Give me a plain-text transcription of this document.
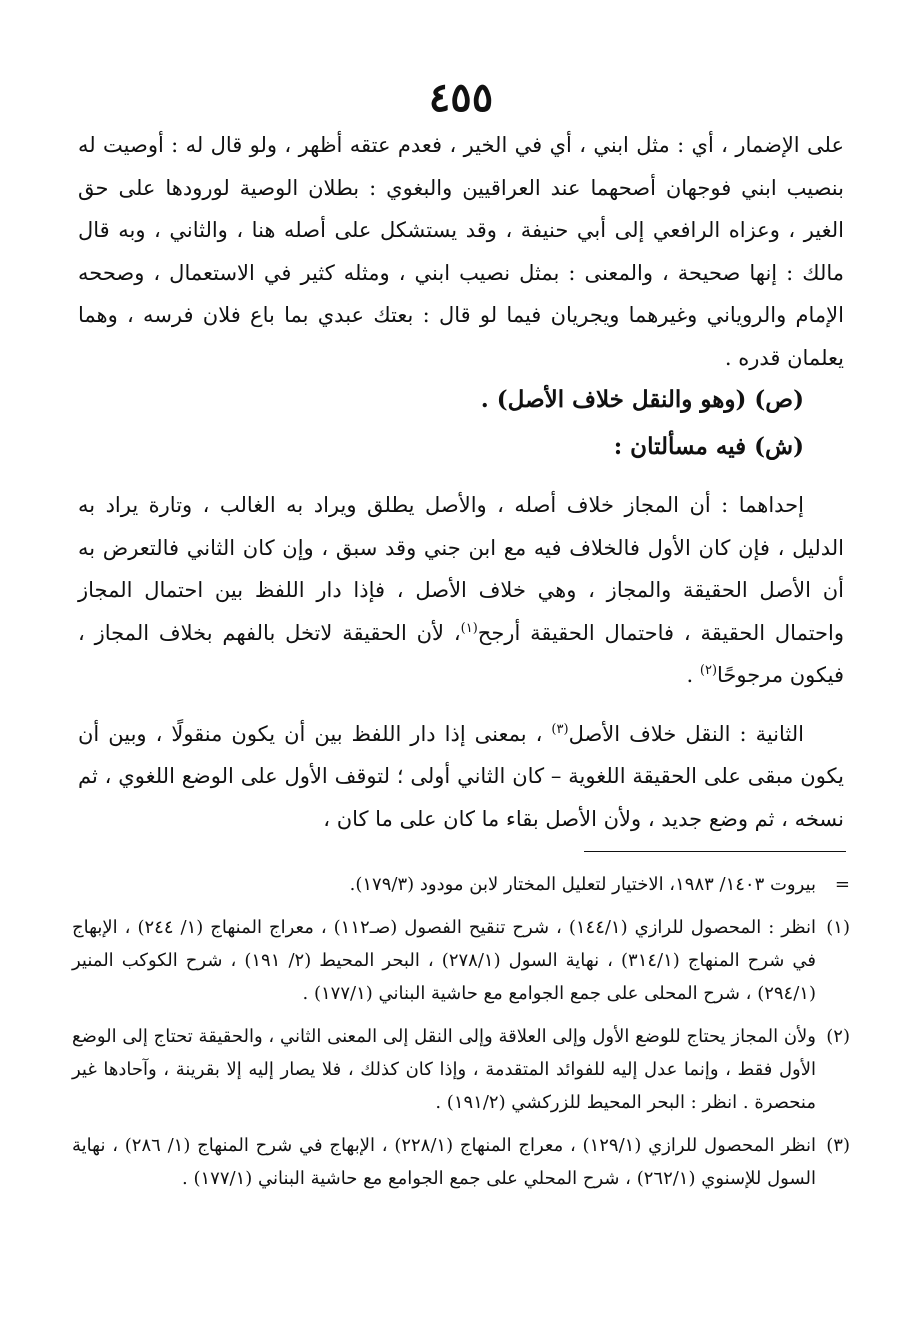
٤٥٥

على الإضمار ، أي : مثل ابني ، أي في الخير ، فعدم عتقه أظهر ، ولو قال له : أوصيت له بنصيب ابني فوجهان أصحهما عند العراقيين والبغوي : بطلان الوصية لورودها على حق الغير ، وعزاه الرافعي إلى أبي حنيفة ، وقد يستشكل على أصله هنا ، والثاني ، وبه قال مالك : إنها صحيحة ، والمعنى : بمثل نصيب ابني ، ومثله كثير في الاستعمال ، وصححه الإمام والروياني وغيرهما ويجريان فيما لو قال : بعتك عبدي بما باع فلان فرسه ، وهما يعلمان قدره .

(ص) (وهو والنقل خلاف الأصل) .

(ش) فيه مسألتان :

إحداهما : أن المجاز خلاف أصله ، والأصل يطلق ويراد به الغالب ، وتارة يراد به الدليل ، فإن كان الأول فالخلاف فيه مع ابن جني وقد سبق ، وإن كان الثاني فالتعرض به أن الأصل الحقيقة والمجاز ، وهي خلاف الأصل ، فإذا دار اللفظ بين احتمال المجاز واحتمال الحقيقة ، فاحتمال الحقيقة أرجح$^{(١)}$، لأن الحقيقة لاتخل بالفهم بخلاف المجاز ، فيكون مرجوحًا$^{(٢)}$ .

الثانية : النقل خلاف الأصل$^{(٣)}$ ، بمعنى إذا دار اللفظ بين أن يكون منقولًا ، وبين أن يكون مبقى على الحقيقة اللغوية – كان الثاني أولى ؛ لتوقف الأول على الوضع اللغوي ، ثم نسخه ، ثم وضع جديد ، ولأن الأصل بقاء ما كان على ما كان ،

=
بيروت ١٤٠٣/ ١٩٨٣، الاختيار لتعليل المختار لابن مودود (١٧٩/٣).

(١)
انظر : المحصول للرازي (١٤٤/١) ، شرح تنقيح الفصول (صـ١١٢) ، معراج المنهاج (١/ ٢٤٤) ، الإبهاج في شرح المنهاج (٣١٤/١) ، نهاية السول (٢٧٨/١) ، البحر المحيط (٢/ ١٩١) ، شرح الكوكب المنير (٢٩٤/١) ، شرح المحلى على جمع الجوامع مع حاشية البناني (١٧٧/١) .

(٢)
ولأن المجاز يحتاج للوضع الأول وإلى العلاقة وإلى النقل إلى المعنى الثاني ، والحقيقة تحتاج إلى الوضع الأول فقط ، وإنما عدل إليه للفوائد المتقدمة ، وإذا كان كذلك ، فلا يصار إليه إلا بقرينة ، وآحادها غير منحصرة . انظر : البحر المحيط للزركشي (١٩١/٢) .

(٣)
انظر المحصول للرازي (١٢٩/١) ، معراج المنهاج (٢٢٨/١) ، الإبهاج في شرح المنهاج (١/ ٢٨٦) ، نهاية السول للإسنوي (٢٦٢/١) ، شرح المحلي على جمع الجوامع مع حاشية البناني (١٧٧/١) .
